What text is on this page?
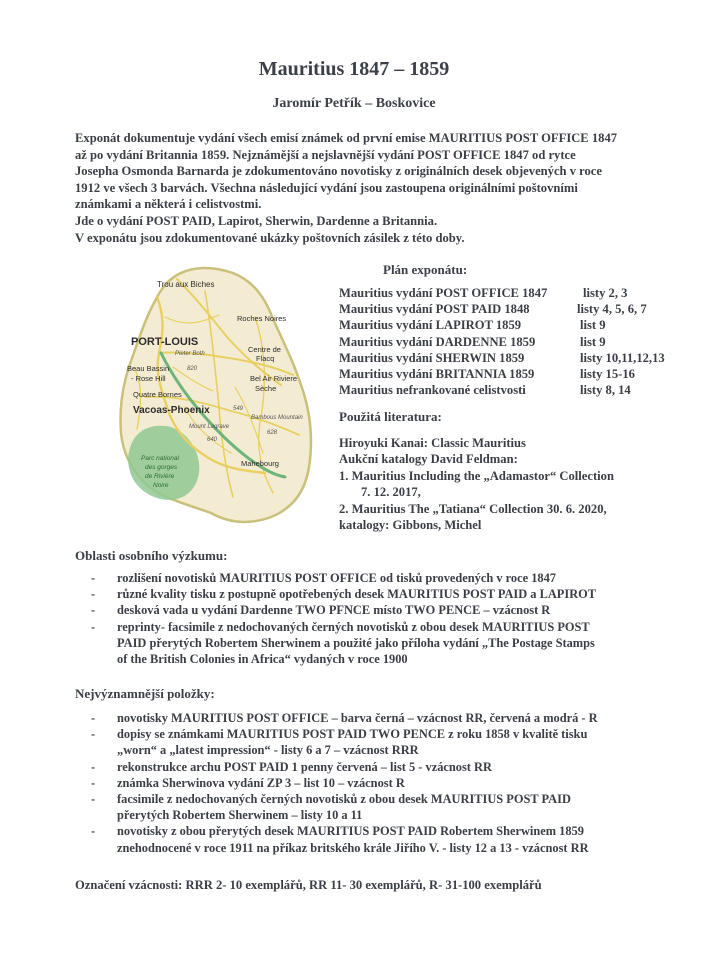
Mauritius 1847 – 1859
Jaromír Petřík – Boskovice
Exponát dokumentuje vydání všech emisí známek od první emise MAURITIUS POST OFFICE 1847
až po vydání Britannia 1859. Nejznámější a nejslavnější vydání POST OFFICE 1847 od rytce
Josepha Osmonda Barnarda je zdokumentováno novotisky z originálních desek objevených v roce
1912 ve všech 3 barvách. Všechna následující vydání jsou zastoupena originálními poštovními
známkami a některá i celistvostmi.
Jde o vydání POST PAID, Lapirot, Sherwin, Dardenne a Britannia.
V exponátu jsou zdokumentované ukázky poštovních zásilek z této doby.
Trou aux Biches
Roches Noires
PORT-LOUIS
Pieter Both	Centre de
Flacq
Beau Bassin
- Rose Hill
820
Bel Air Riviere
Sèche
Quatre Bornes
Vacoas-Phoenix	549
Bambous Mountain
Mount Lagrave
628
640
Parc national
des gorges
de Rivière
Noire
Mahebourg
Plán exponátu:
Mauritius vydání POST OFFICE 1847	listy 2, 3
Mauritius vydání POST PAID 1848	listy 4, 5, 6, 7
Mauritius vydání LAPIROT 1859	list 9
Mauritius vydání DARDENNE 1859	list 9
Mauritius vydání SHERWIN 1859	listy 10,11,12,13
Mauritius vydání BRITANNIA 1859	listy 15-16
Mauritius nefrankované celistvosti	listy 8, 14
Použitá literatura:
Hiroyuki Kanai: Classic Mauritius
Aukční katalogy David Feldman:
1. Mauritius Including the „Adamastor“ Collection
7. 12. 2017,
2. Mauritius The „Tatiana“ Collection 30. 6. 2020,
katalogy: Gibbons, Michel
Oblasti osobního výzkumu:
- rozlišení novotisků MAURITIUS POST OFFICE od tisků provedených v roce 1847
- různé kvality tisku z postupně opotřebených desek MAURITIUS POST PAID a LAPIROT
- desková vada u vydání Dardenne TWO PFNCE místo TWO PENCE – vzácnost R
- reprinty- facsimile z nedochovaných černých novotisků z obou desek MAURITIUS POST
PAID přerytých Robertem Sherwinem a použité jako příloha vydání „The Postage Stamps
of the British Colonies in Africa“ vydaných v roce 1900
Nejvýznamnější položky:
- novotisky MAURITIUS POST OFFICE – barva černá – vzácnost RR, červená a modrá - R
- dopisy se známkami MAURITIUS POST PAID TWO PENCE z roku 1858 v kvalitě tisku
„worn“ a „latest impression“ - listy 6 a 7 – vzácnost RRR
- rekonstrukce archu POST PAID 1 penny červená – list 5 - vzácnost RR
- známka Sherwinova vydání ZP 3 – list 10 – vzácnost R
- facsimile z nedochovaných černých novotisků z obou desek MAURITIUS POST PAID
přerytých Robertem Sherwinem – listy 10 a 11
- novotisky z obou přerytých desek MAURITIUS POST PAID Robertem Sherwinem 1859
znehodnocené v roce 1911 na příkaz britského krále Jiřího V. - listy 12 a 13 - vzácnost RR
Označení vzácnosti: RRR 2- 10 exemplářů, RR 11- 30 exemplářů, R- 31-100 exemplářů
